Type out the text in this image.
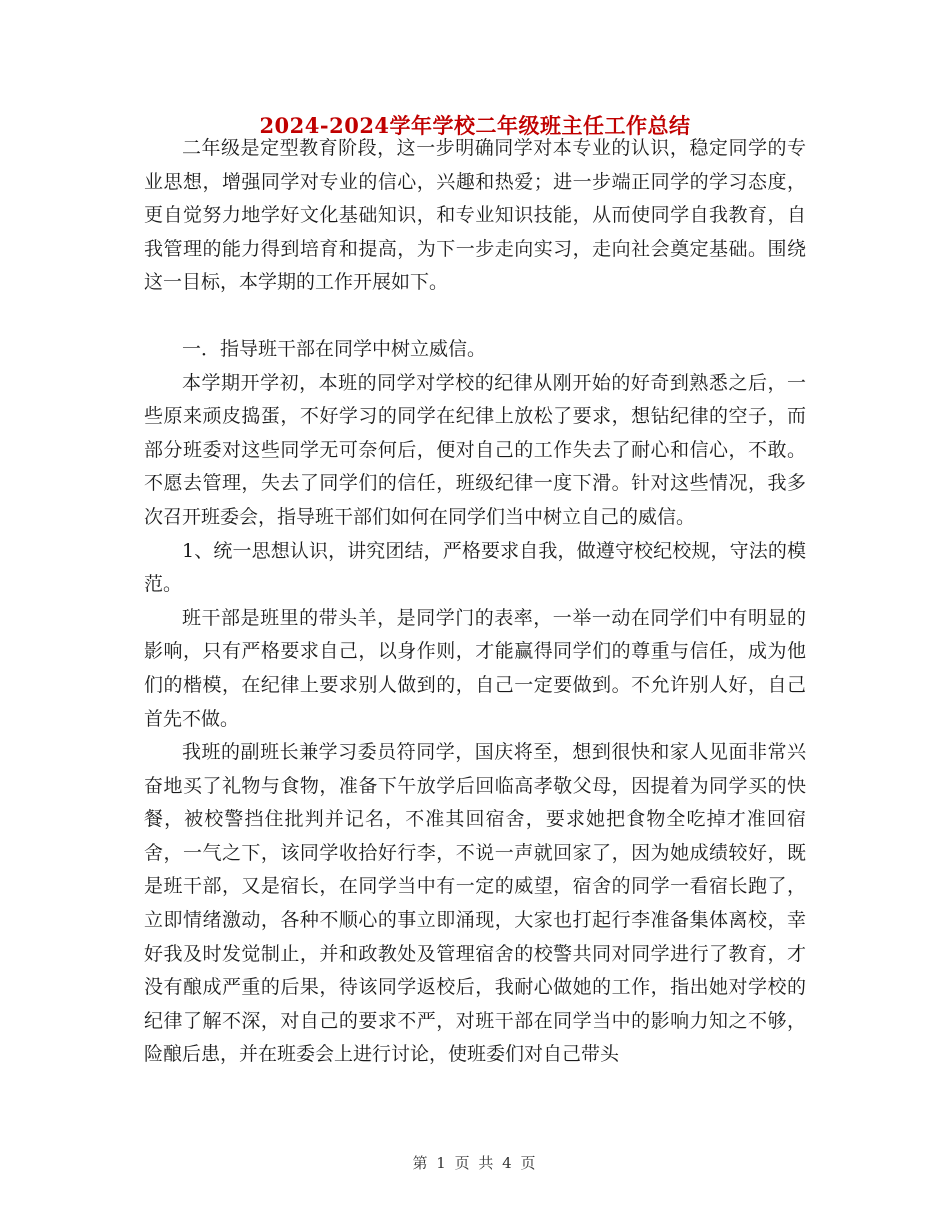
2024-2024学年学校二年级班主任工作总结

二年级是定型教育阶段，这一步明确同学对本专业的认识，稳定同学的专业思想，增强同学对专业的信心，兴趣和热爱；进一步端正同学的学习态度，更自觉努力地学好文化基础知识，和专业知识技能，从而使同学自我教育，自我管理的能力得到培育和提高，为下一步走向实习，走向社会奠定基础。围绕这一目标，本学期的工作开展如下。

一．指导班干部在同学中树立威信。

本学期开学初，本班的同学对学校的纪律从刚开始的好奇到熟悉之后，一些原来顽皮捣蛋，不好学习的同学在纪律上放松了要求，想钻纪律的空子，而部分班委对这些同学无可奈何后，便对自己的工作失去了耐心和信心，不敢。不愿去管理，失去了同学们的信任，班级纪律一度下滑。针对这些情况，我多次召开班委会，指导班干部们如何在同学们当中树立自己的威信。

1、统一思想认识，讲究团结，严格要求自我，做遵守校纪校规，守法的模范。

班干部是班里的带头羊，是同学门的表率，一举一动在同学们中有明显的影响，只有严格要求自己，以身作则，才能赢得同学们的尊重与信任，成为他们的楷模，在纪律上要求别人做到的，自己一定要做到。不允许别人好，自己首先不做。

我班的副班长兼学习委员符同学，国庆将至，想到很快和家人见面非常兴奋地买了礼物与食物，准备下午放学后回临高孝敬父母，因提着为同学买的快餐，被校警挡住批判并记名，不准其回宿舍，要求她把食物全吃掉才准回宿舍，一气之下，该同学收拾好行李，不说一声就回家了，因为她成绩较好，既是班干部，又是宿长，在同学当中有一定的威望，宿舍的同学一看宿长跑了，立即情绪激动，各种不顺心的事立即涌现，大家也打起行李准备集体离校，幸好我及时发觉制止，并和政教处及管理宿舍的校警共同对同学进行了教育，才没有酿成严重的后果，待该同学返校后，我耐心做她的工作，指出她对学校的纪律了解不深，对自己的要求不严，对班干部在同学当中的影响力知之不够，险酿后患，并在班委会上进行讨论，使班委们对自己带头

第 1 页 共 4 页
